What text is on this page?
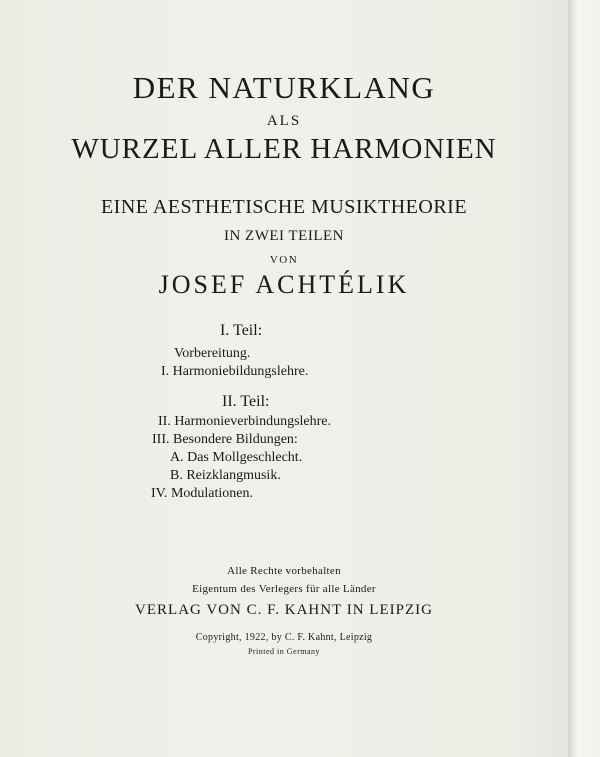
DER NATURKLANG
ALS
WURZEL ALLER HARMONIEN
EINE AESTHETISCHE MUSIKTHEORIE
IN ZWEI TEILEN
VON
JOSEF ACHTÉLIK
I. Teil:
Vorbereitung.
I. Harmoniebildungslehre.
II. Teil:
II. Harmonieverbindungslehre.
III. Besondere Bildungen:
A. Das Mollgeschlecht.
B. Reizklangmusik.
IV. Modulationen.
Alle Rechte vorbehalten
Eigentum des Verlegers für alle Länder
VERLAG VON C. F. KAHNT IN LEIPZIG
Copyright, 1922, by C. F. Kahnt, Leipzig
Printed in Germany
